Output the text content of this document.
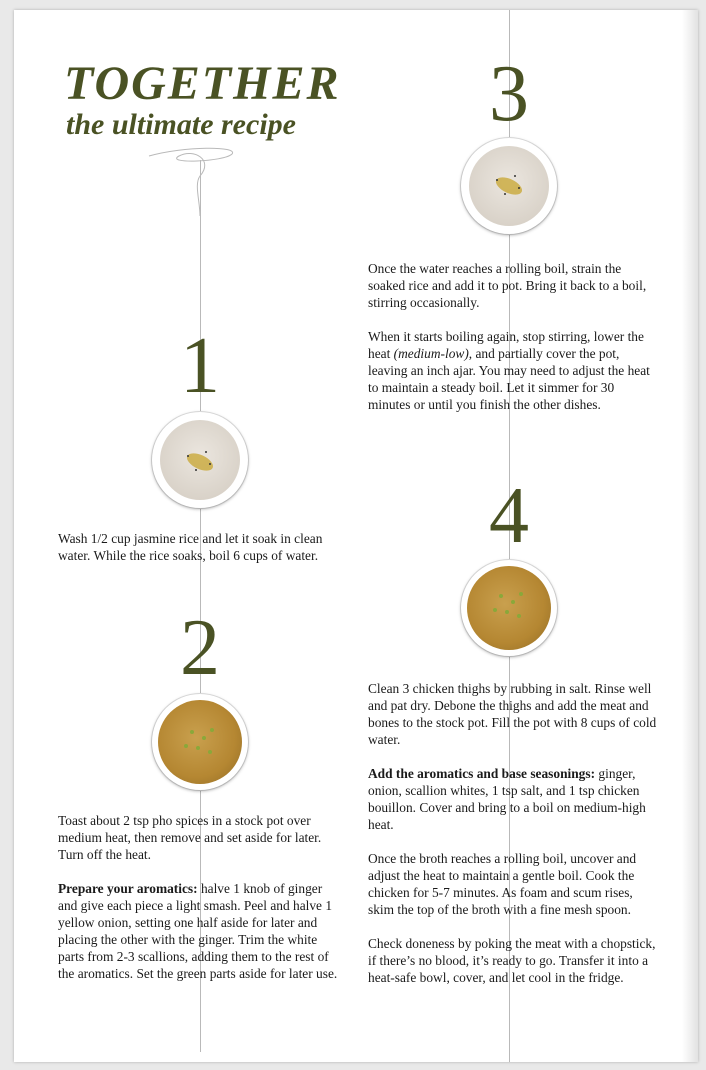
TOGETHER
the ultimate recipe
1

Wash 1/2 cup jasmine rice and let it soak in clean water. While the rice soaks, boil 6 cups of water.

2

Toast about 2 tsp pho spices in a stock pot over medium heat, then remove and set aside for later. Turn off the heat.

Prepare your aromatics: halve 1 knob of ginger and give each piece a light smash. Peel and halve 1 yellow onion, setting one half aside for later and placing the other with the ginger. Trim the white parts from 2-3 scallions, adding them to the rest of the aromatics. Set the green parts aside for later use.

3

Once the water reaches a rolling boil, strain the soaked rice and add it to pot. Bring it back to a boil, stirring occasionally.

When it starts boiling again, stop stirring, lower the heat (medium-low), and partially cover the pot, leaving an inch ajar. You may need to adjust the heat to maintain a steady boil. Let it simmer for 30 minutes or until you finish the other dishes.

4

Clean 3 chicken thighs by rubbing in salt. Rinse well and pat dry. Debone the thighs and add the meat and bones to the stock pot. Fill the pot with 8 cups of cold water.

Add the aromatics and base seasonings: ginger, onion, scallion whites, 1 tsp salt, and 1 tsp chicken bouillon. Cover and bring to a boil on medium-high heat.

Once the broth reaches a rolling boil, uncover and adjust the heat to maintain a gentle boil. Cook the chicken for 5-7 minutes. As foam and scum rises, skim the top of the broth with a fine mesh spoon.

Check doneness by poking the meat with a chopstick, if there’s no blood, it’s ready to go. Transfer it into a heat-safe bowl, cover, and let cool in the fridge.
